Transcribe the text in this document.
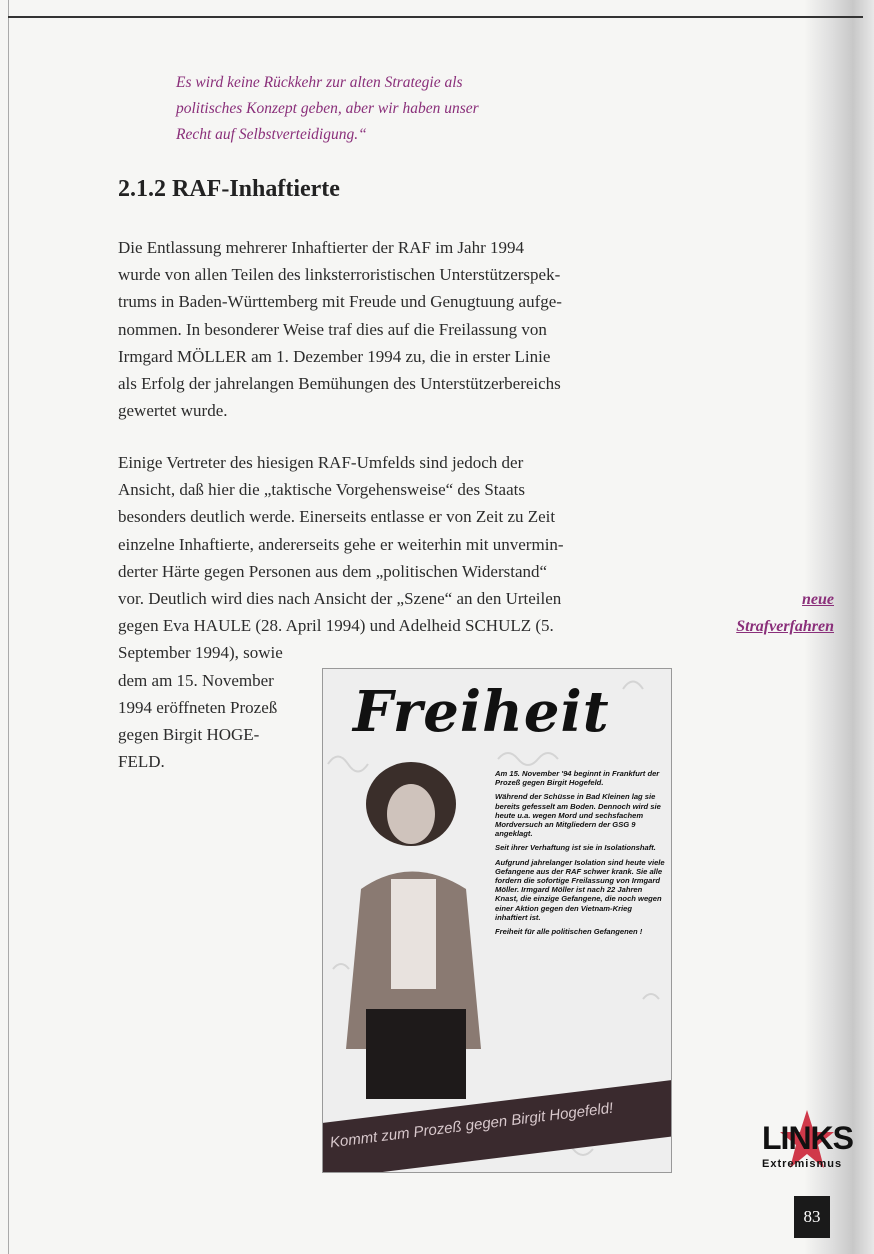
Es wird keine Rückkehr zur alten Strategie als
politisches Konzept geben, aber wir haben unser
Recht auf Selbstverteidigung.“
2.1.2 RAF-Inhaftierte
Die Entlassung mehrerer Inhaftierter der RAF im Jahr 1994
wurde von allen Teilen des linksterroristischen Unterstützerspek-
trums in Baden-Württemberg mit Freude und Genugtuung aufge-
nommen. In besonderer Weise traf dies auf die Freilassung von
Irmgard MÖLLER am 1. Dezember 1994 zu, die in erster Linie
als Erfolg der jahrelangen Bemühungen des Unterstützerbereichs
gewertet wurde.
Einige Vertreter des hiesigen RAF-Umfelds sind jedoch der
Ansicht, daß hier die „taktische Vorgehensweise“ des Staats
besonders deutlich werde. Einerseits entlasse er von Zeit zu Zeit
einzelne Inhaftierte, andererseits gehe er weiterhin mit unvermin-
derter Härte gegen Personen aus dem „politischen Widerstand“
vor. Deutlich wird dies nach Ansicht der „Szene“ an den Urteilen
gegen Eva HAULE (28. April 1994) und Adelheid SCHULZ (5.
September 1994), sowie
dem am 15. November
1994 eröffneten Prozeß
gegen Birgit HOGE-
FELD.
neue
Strafverfahren
Freiheit

Am 15. November '94 beginnt in Frankfurt der Prozeß gegen Birgit Hogefeld.

Während der Schüsse in Bad Kleinen lag sie bereits gefesselt am Boden. Dennoch wird sie heute u.a. wegen Mord und sechsfachem Mordversuch an Mitgliedern der GSG 9 angeklagt.

Seit ihrer Verhaftung ist sie in Isolationshaft.

Aufgrund jahrelanger Isolation sind heute viele Gefangene aus der RAF schwer krank. Sie alle fordern die sofortige Freilassung von Irmgard Möller. Irmgard Möller ist nach 22 Jahren Knast, die einzige Gefangene, die noch wegen einer Aktion gegen den Vietnam-Krieg inhaftiert ist.

Freiheit für alle politischen Gefangenen !

Kommt zum Prozeß gegen Birgit Hogefeld!	LINKS
Extremismus
83
